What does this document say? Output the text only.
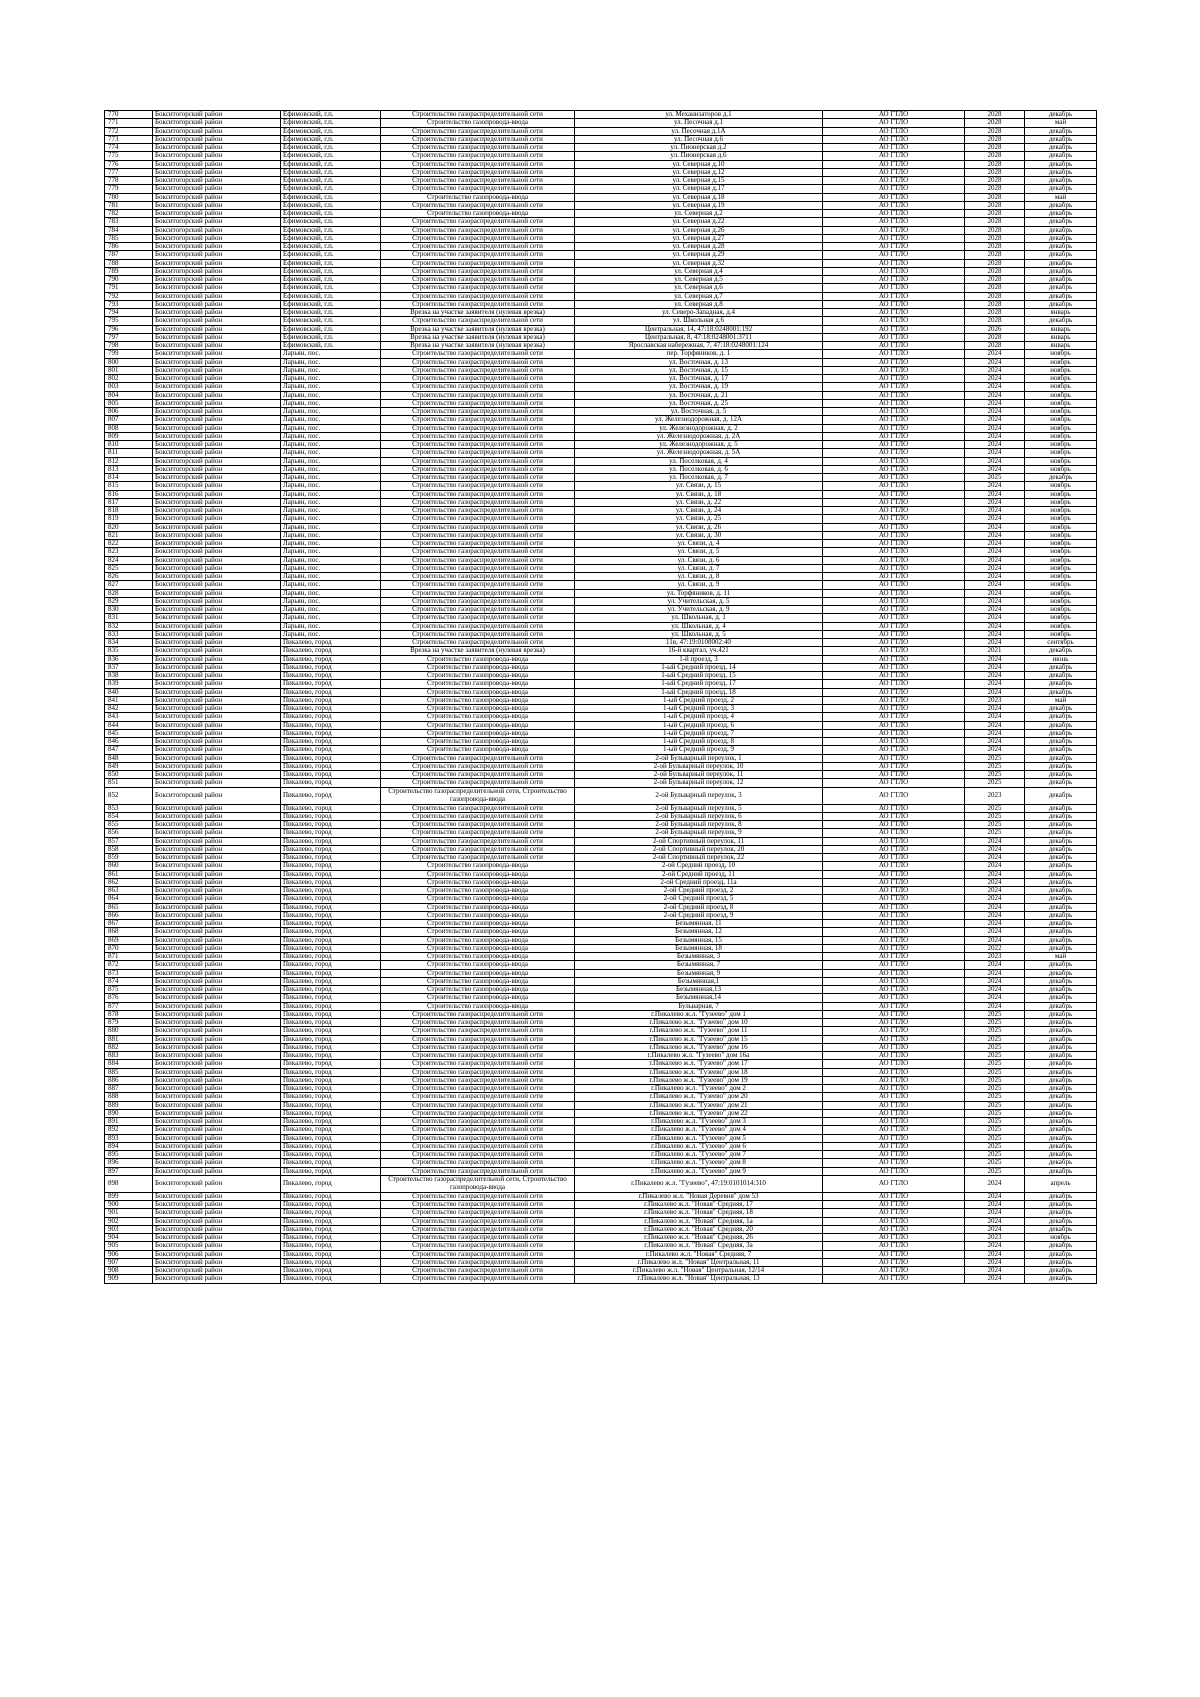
770	Бокситогорский район	Ефимовский, г.п.	Строительство газораспределительной сети	ул. Механизаторов д.1	АО ГТЛО	2028	декабрь
771	Бокситогорский район	Ефимовский, г.п.	Строительство газопровода-ввода	ул. Песочная д.1	АО ГТЛО	2028	май
772	Бокситогорский район	Ефимовский, г.п.	Строительство газораспределительной сети	ул. Песочная д.1А	АО ГТЛО	2028	декабрь
773	Бокситогорский район	Ефимовский, г.п.	Строительство газораспределительной сети	ул. Песочная д.6	АО ГТЛО	2028	декабрь
774	Бокситогорский район	Ефимовский, г.п.	Строительство газораспределительной сети	ул. Пионерская д.2	АО ГТЛО	2028	декабрь
775	Бокситогорский район	Ефимовский, г.п.	Строительство газораспределительной сети	ул. Пионерская д.6	АО ГТЛО	2028	декабрь
776	Бокситогорский район	Ефимовский, г.п.	Строительство газораспределительной сети	ул. Северная д.10	АО ГТЛО	2028	декабрь
777	Бокситогорский район	Ефимовский, г.п.	Строительство газораспределительной сети	ул. Северная д.12	АО ГТЛО	2028	декабрь
778	Бокситогорский район	Ефимовский, г.п.	Строительство газораспределительной сети	ул. Северная д.15	АО ГТЛО	2028	декабрь
779	Бокситогорский район	Ефимовский, г.п.	Строительство газораспределительной сети	ул. Северная д.17	АО ГТЛО	2028	декабрь
780	Бокситогорский район	Ефимовский, г.п.	Строительство газопровода-ввода	ул. Северная д.18	АО ГТЛО	2028	май
781	Бокситогорский район	Ефимовский, г.п.	Строительство газораспределительной сети	ул. Северная д.19	АО ГТЛО	2028	декабрь
782	Бокситогорский район	Ефимовский, г.п.	Строительство газопровода-ввода	ул. Северная д.2	АО ГТЛО	2028	декабрь
783	Бокситогорский район	Ефимовский, г.п.	Строительство газораспределительной сети	ул. Северная д.22	АО ГТЛО	2028	декабрь
784	Бокситогорский район	Ефимовский, г.п.	Строительство газораспределительной сети	ул. Северная д.26	АО ГТЛО	2028	декабрь
785	Бокситогорский район	Ефимовский, г.п.	Строительство газораспределительной сети	ул. Северная д.27	АО ГТЛО	2028	декабрь
786	Бокситогорский район	Ефимовский, г.п.	Строительство газораспределительной сети	ул. Северная д.28	АО ГТЛО	2028	декабрь
787	Бокситогорский район	Ефимовский, г.п.	Строительство газораспределительной сети	ул. Северная д.29	АО ГТЛО	2028	декабрь
788	Бокситогорский район	Ефимовский, г.п.	Строительство газораспределительной сети	ул. Северная д.32	АО ГТЛО	2028	декабрь
789	Бокситогорский район	Ефимовский, г.п.	Строительство газораспределительной сети	ул. Северная д.4	АО ГТЛО	2028	декабрь
790	Бокситогорский район	Ефимовский, г.п.	Строительство газораспределительной сети	ул. Северная д.5	АО ГТЛО	2028	декабрь
791	Бокситогорский район	Ефимовский, г.п.	Строительство газораспределительной сети	ул. Северная д.6	АО ГТЛО	2028	декабрь
792	Бокситогорский район	Ефимовский, г.п.	Строительство газораспределительной сети	ул. Северная д.7	АО ГТЛО	2028	декабрь
793	Бокситогорский район	Ефимовский, г.п.	Строительство газораспределительной сети	ул. Северная д.8	АО ГТЛО	2028	декабрь
794	Бокситогорский район	Ефимовский, г.п.	Врезка на участке заявителя (нулевая врезка)	ул. Северо-Западная, д.4	АО ГТЛО	2028	январь
795	Бокситогорский район	Ефимовский, г.п.	Строительство газораспределительной сети	ул. Школьная д.6	АО ГТЛО	2028	декабрь
796	Бокситогорский район	Ефимовский, г.п.	Врезка на участке заявителя (нулевая врезка)	Центральная, 14, 47:18:0248001:192	АО ГТЛО	2026	январь
797	Бокситогорский район	Ефимовский, г.п.	Врезка на участке заявителя (нулевая врезка)	Центральная, 8, 47:18:0248001:3711	АО ГТЛО	2028	январь
798	Бокситогорский район	Ефимовский, г.п.	Врезка на участке заявителя (нулевая врезка)	Ярославская набережная, 7, 47:18:0248001:124	АО ГТЛО	2028	январь
799	Бокситогорский район	Ларьян, пос.	Строительство газораспределительной сети	пер. Торфяников, д. 1	АО ГТЛО	2024	ноябрь
800	Бокситогорский район	Ларьян, пос.	Строительство газораспределительной сети	ул. Восточная, д. 13	АО ГТЛО	2024	ноябрь
801	Бокситогорский район	Ларьян, пос.	Строительство газораспределительной сети	ул. Восточная, д. 15	АО ГТЛО	2024	ноябрь
802	Бокситогорский район	Ларьян, пос.	Строительство газораспределительной сети	ул. Восточная, д. 17	АО ГТЛО	2024	ноябрь
803	Бокситогорский район	Ларьян, пос.	Строительство газораспределительной сети	ул. Восточная, д. 19	АО ГТЛО	2024	ноябрь
804	Бокситогорский район	Ларьян, пос.	Строительство газораспределительной сети	ул. Восточная, д. 21	АО ГТЛО	2024	ноябрь
805	Бокситогорский район	Ларьян, пос.	Строительство газораспределительной сети	ул. Восточная, д. 25	АО ГТЛО	2024	ноябрь
806	Бокситогорский район	Ларьян, пос.	Строительство газораспределительной сети	ул. Восточная, д. 5	АО ГТЛО	2024	ноябрь
807	Бокситогорский район	Ларьян, пос.	Строительство газораспределительной сети	ул. Железнодорожная, д. 12А	АО ГТЛО	2024	ноябрь
808	Бокситогорский район	Ларьян, пос.	Строительство газораспределительной сети	ул. Железнодорожная, д. 2	АО ГТЛО	2024	ноябрь
809	Бокситогорский район	Ларьян, пос.	Строительство газораспределительной сети	ул. Железнодорожная, д. 2А	АО ГТЛО	2024	ноябрь
810	Бокситогорский район	Ларьян, пос.	Строительство газораспределительной сети	ул. Железнодорожная, д. 5	АО ГТЛО	2024	ноябрь
811	Бокситогорский район	Ларьян, пос.	Строительство газораспределительной сети	ул. Железнодорожная, д. 5А	АО ГТЛО	2024	ноябрь
812	Бокситогорский район	Ларьян, пос.	Строительство газораспределительной сети	ул. Поселковая, д. 4	АО ГТЛО	2024	ноябрь
813	Бокситогорский район	Ларьян, пос.	Строительство газораспределительной сети	ул. Поселковая, д. 6	АО ГТЛО	2024	ноябрь
814	Бокситогорский район	Ларьян, пос.	Строительство газораспределительной сети	ул. Поселковая, д. 7	АО ГТЛО	2025	декабрь
815	Бокситогорский район	Ларьян, пос.	Строительство газораспределительной сети	ул. Связи, д. 15	АО ГТЛО	2024	ноябрь
816	Бокситогорский район	Ларьян, пос.	Строительство газораспределительной сети	ул. Связи, д. 18	АО ГТЛО	2024	ноябрь
817	Бокситогорский район	Ларьян, пос.	Строительство газораспределительной сети	ул. Связи, д. 22	АО ГТЛО	2024	ноябрь
818	Бокситогорский район	Ларьян, пос.	Строительство газораспределительной сети	ул. Связи, д. 24	АО ГТЛО	2024	ноябрь
819	Бокситогорский район	Ларьян, пос.	Строительство газораспределительной сети	ул. Связи, д. 25	АО ГТЛО	2024	ноябрь
820	Бокситогорский район	Ларьян, пос.	Строительство газораспределительной сети	ул. Связи, д. 26	АО ГТЛО	2024	ноябрь
821	Бокситогорский район	Ларьян, пос.	Строительство газораспределительной сети	ул. Связи, д. 30	АО ГТЛО	2024	ноябрь
822	Бокситогорский район	Ларьян, пос.	Строительство газораспределительной сети	ул. Связи, д. 4	АО ГТЛО	2024	ноябрь
823	Бокситогорский район	Ларьян, пос.	Строительство газораспределительной сети	ул. Связи, д. 5	АО ГТЛО	2024	ноябрь
824	Бокситогорский район	Ларьян, пос.	Строительство газораспределительной сети	ул. Связи, д. 6	АО ГТЛО	2024	ноябрь
825	Бокситогорский район	Ларьян, пос.	Строительство газораспределительной сети	ул. Связи, д. 7	АО ГТЛО	2024	ноябрь
826	Бокситогорский район	Ларьян, пос.	Строительство газораспределительной сети	ул. Связи, д. 8	АО ГТЛО	2024	ноябрь
827	Бокситогорский район	Ларьян, пос.	Строительство газораспределительной сети	ул. Связи, д. 9	АО ГТЛО	2024	ноябрь
828	Бокситогорский район	Ларьян, пос.	Строительство газораспределительной сети	ул. Торфяников, д. 11	АО ГТЛО	2024	ноябрь
829	Бокситогорский район	Ларьян, пос.	Строительство газораспределительной сети	ул. Учительская, д. 5	АО ГТЛО	2024	ноябрь
830	Бокситогорский район	Ларьян, пос.	Строительство газораспределительной сети	ул. Учительская, д. 9	АО ГТЛО	2024	ноябрь
831	Бокситогорский район	Ларьян, пос.	Строительство газораспределительной сети	ул. Школьная, д. 1	АО ГТЛО	2024	ноябрь
832	Бокситогорский район	Ларьян, пос.	Строительство газораспределительной сети	ул. Школьная, д. 4	АО ГТЛО	2024	ноябрь
833	Бокситогорский район	Ларьян, пос.	Строительство газораспределительной сети	ул. Школьная, д. 5	АО ГТЛО	2024	ноябрь
834	Бокситогорский район	Пикалево, город	Строительство газораспределительной сети	11в, 47:19:0108002:40	АО ГТЛО	2024	сентябрь
835	Бокситогорский район	Пикалево, город	Врезка на участке заявителя (нулевая врезка)	16-й квартал, уч.421	АО ГТЛО	2021	декабрь
836	Бокситогорский район	Пикалево, город	Строительство газопровода-ввода	1-й проезд, 3	АО ГТЛО	2024	июнь
837	Бокситогорский район	Пикалево, город	Строительство газопровода-ввода	1-ый Средний проезд, 14	АО ГТЛО	2024	декабрь
838	Бокситогорский район	Пикалево, город	Строительство газопровода-ввода	1-ый Средний проезд, 15	АО ГТЛО	2024	декабрь
839	Бокситогорский район	Пикалево, город	Строительство газопровода-ввода	1-ый Средний проезд, 17	АО ГТЛО	2024	декабрь
840	Бокситогорский район	Пикалево, город	Строительство газопровода-ввода	1-ый Средний проезд, 18	АО ГТЛО	2024	декабрь
841	Бокситогорский район	Пикалево, город	Строительство газопровода-ввода	1-ый Средний проезд, 2	АО ГТЛО	2023	май
842	Бокситогорский район	Пикалево, город	Строительство газопровода-ввода	1-ый Средний проезд, 3	АО ГТЛО	2024	декабрь
843	Бокситогорский район	Пикалево, город	Строительство газопровода-ввода	1-ый Средний проезд, 4	АО ГТЛО	2024	декабрь
844	Бокситогорский район	Пикалево, город	Строительство газопровода-ввода	1-ый Средний проезд, 6	АО ГТЛО	2024	декабрь
845	Бокситогорский район	Пикалево, город	Строительство газопровода-ввода	1-ый Средний проезд, 7	АО ГТЛО	2024	декабрь
846	Бокситогорский район	Пикалево, город	Строительство газопровода-ввода	1-ый Средний проезд, 8	АО ГТЛО	2024	декабрь
847	Бокситогорский район	Пикалево, город	Строительство газопровода-ввода	1-ый Средний проезд, 9	АО ГТЛО	2024	декабрь
848	Бокситогорский район	Пикалево, город	Строительство газораспределительной сети	2-ой Бульварный переулок, 1	АО ГТЛО	2025	декабрь
849	Бокситогорский район	Пикалево, город	Строительство газораспределительной сети	2-ой Бульварный переулок, 10	АО ГТЛО	2025	декабрь
850	Бокситогорский район	Пикалево, город	Строительство газораспределительной сети	2-ой Бульварный переулок, 11	АО ГТЛО	2025	декабрь
851	Бокситогорский район	Пикалево, город	Строительство газораспределительной сети	2-ой Бульварный переулок, 12	АО ГТЛО	2025	декабрь
852	Бокситогорский район	Пикалево, город	Строительство газораспределительной сети, Строительство газопровода-ввода	2-ой Бульварный переулок, 3	АО ГТЛО	2023	декабрь
853	Бокситогорский район	Пикалево, город	Строительство газораспределительной сети	2-ой Бульварный переулок, 5	АО ГТЛО	2025	декабрь
854	Бокситогорский район	Пикалево, город	Строительство газораспределительной сети	2-ой Бульварный переулок, 6	АО ГТЛО	2025	декабрь
855	Бокситогорский район	Пикалево, город	Строительство газораспределительной сети	2-ой Бульварный переулок, 8	АО ГТЛО	2025	декабрь
856	Бокситогорский район	Пикалево, город	Строительство газораспределительной сети	2-ой Бульварный переулок, 9	АО ГТЛО	2025	декабрь
857	Бокситогорский район	Пикалево, город	Строительство газораспределительной сети	2-ой Спортивный переулок, 11	АО ГТЛО	2024	декабрь
858	Бокситогорский район	Пикалево, город	Строительство газораспределительной сети	2-ой Спортивный переулок, 20	АО ГТЛО	2024	декабрь
859	Бокситогорский район	Пикалево, город	Строительство газораспределительной сети	2-ой Спортивный переулок, 22	АО ГТЛО	2024	декабрь
860	Бокситогорский район	Пикалево, город	Строительство газопровода-ввода	2-ой Средний проезд, 10	АО ГТЛО	2024	декабрь
861	Бокситогорский район	Пикалево, город	Строительство газопровода-ввода	2-ой Средний проезд, 11	АО ГТЛО	2024	декабрь
862	Бокситогорский район	Пикалево, город	Строительство газопровода-ввода	2-ой Средний проезд, 11а	АО ГТЛО	2024	декабрь
863	Бокситогорский район	Пикалево, город	Строительство газопровода-ввода	2-ой Средний проезд, 2	АО ГТЛО	2024	декабрь
864	Бокситогорский район	Пикалево, город	Строительство газопровода-ввода	2-ой Средний проезд, 5	АО ГТЛО	2024	декабрь
865	Бокситогорский район	Пикалево, город	Строительство газопровода-ввода	2-ой Средний проезд, 8	АО ГТЛО	2024	декабрь
866	Бокситогорский район	Пикалево, город	Строительство газопровода-ввода	2-ой Средний проезд, 9	АО ГТЛО	2024	декабрь
867	Бокситогорский район	Пикалево, город	Строительство газопровода-ввода	Безымянная, 11	АО ГТЛО	2024	декабрь
868	Бокситогорский район	Пикалево, город	Строительство газопровода-ввода	Безымянная, 12	АО ГТЛО	2024	декабрь
869	Бокситогорский район	Пикалево, город	Строительство газопровода-ввода	Безымянная, 15	АО ГТЛО	2024	декабрь
870	Бокситогорский район	Пикалево, город	Строительство газопровода-ввода	Безымянная, 18	АО ГТЛО	2022	декабрь
871	Бокситогорский район	Пикалево, город	Строительство газопровода-ввода	Безымянная, 3	АО ГТЛО	2023	май
872	Бокситогорский район	Пикалево, город	Строительство газопровода-ввода	Безымянная, 7	АО ГТЛО	2024	декабрь
873	Бокситогорский район	Пикалево, город	Строительство газопровода-ввода	Безымянная, 9	АО ГТЛО	2024	декабрь
874	Бокситогорский район	Пикалево, город	Строительство газопровода-ввода	Безымянная,1	АО ГТЛО	2024	декабрь
875	Бокситогорский район	Пикалево, город	Строительство газопровода-ввода	Безымянная,13	АО ГТЛО	2024	декабрь
876	Бокситогорский район	Пикалево, город	Строительство газопровода-ввода	Безымянная,14	АО ГТЛО	2024	декабрь
877	Бокситогорский район	Пикалево, город	Строительство газопровода-ввода	Бульварная, 7	АО ГТЛО	2024	декабрь
878	Бокситогорский район	Пикалево, город	Строительство газораспределительной сети	г.Пикалево ж.л. "Гузеево" дом 1	АО ГТЛО	2025	декабрь
879	Бокситогорский район	Пикалево, город	Строительство газораспределительной сети	г.Пикалево ж.л. "Гузеево" дом 10	АО ГТЛО	2025	декабрь
880	Бокситогорский район	Пикалево, город	Строительство газораспределительной сети	г.Пикалево ж.л. "Гузеево" дом 11	АО ГТЛО	2025	декабрь
881	Бокситогорский район	Пикалево, город	Строительство газораспределительной сети	г.Пикалево ж.л. "Гузеево" дом 15	АО ГТЛО	2025	декабрь
882	Бокситогорский район	Пикалево, город	Строительство газораспределительной сети	г.Пикалево ж.л. "Гузеево" дом 16	АО ГТЛО	2025	декабрь
883	Бокситогорский район	Пикалево, город	Строительство газораспределительной сети	г.Пикалево ж.л. "Гузеево" дом 16а	АО ГТЛО	2025	декабрь
884	Бокситогорский район	Пикалево, город	Строительство газораспределительной сети	г.Пикалево ж.л. "Гузеево" дом 17	АО ГТЛО	2025	декабрь
885	Бокситогорский район	Пикалево, город	Строительство газораспределительной сети	г.Пикалево ж.л. "Гузеево" дом 18	АО ГТЛО	2025	декабрь
886	Бокситогорский район	Пикалево, город	Строительство газораспределительной сети	г.Пикалево ж.л. "Гузеево" дом 19	АО ГТЛО	2025	декабрь
887	Бокситогорский район	Пикалево, город	Строительство газораспределительной сети	г.Пикалево ж.л. "Гузеево" дом 2	АО ГТЛО	2025	декабрь
888	Бокситогорский район	Пикалево, город	Строительство газораспределительной сети	г.Пикалево ж.л. "Гузеево" дом 20	АО ГТЛО	2025	декабрь
889	Бокситогорский район	Пикалево, город	Строительство газораспределительной сети	г.Пикалево ж.л. "Гузеево" дом 21	АО ГТЛО	2025	декабрь
890	Бокситогорский район	Пикалево, город	Строительство газораспределительной сети	г.Пикалево ж.л. "Гузеево" дом 22	АО ГТЛО	2025	декабрь
891	Бокситогорский район	Пикалево, город	Строительство газораспределительной сети	г.Пикалево ж.л. "Гузеево" дом 3	АО ГТЛО	2025	декабрь
892	Бокситогорский район	Пикалево, город	Строительство газораспределительной сети	г.Пикалево ж.л. "Гузеево" дом 4	АО ГТЛО	2025	декабрь
893	Бокситогорский район	Пикалево, город	Строительство газораспределительной сети	г.Пикалево ж.л. "Гузеево" дом 5	АО ГТЛО	2025	декабрь
894	Бокситогорский район	Пикалево, город	Строительство газораспределительной сети	г.Пикалево ж.л. "Гузеево" дом 6	АО ГТЛО	2025	декабрь
895	Бокситогорский район	Пикалево, город	Строительство газораспределительной сети	г.Пикалево ж.л. "Гузеево" дом 7	АО ГТЛО	2025	декабрь
896	Бокситогорский район	Пикалево, город	Строительство газораспределительной сети	г.Пикалево ж.л. "Гузеево" дом 8	АО ГТЛО	2025	декабрь
897	Бокситогорский район	Пикалево, город	Строительство газораспределительной сети	г.Пикалево ж.л. "Гузеево" дом 9	АО ГТЛО	2025	декабрь
898	Бокситогорский район	Пикалево, город	Строительство газораспределительной сети, Строительство газопровода-ввода	г.Пикалево ж.л. "Гузеево", 47:19:0101014:310	АО ГТЛО	2024	апрель
899	Бокситогорский район	Пикалево, город	Строительство газораспределительной сети	г.Пикалево ж.л. "Новая Деревня" дом 53	АО ГТЛО	2024	декабрь
900	Бокситогорский район	Пикалево, город	Строительство газораспределительной сети	г.Пикалево ж.л. "Новая" Средняя, 17	АО ГТЛО	2024	декабрь
901	Бокситогорский район	Пикалево, город	Строительство газораспределительной сети	г.Пикалево ж.л. "Новая" Средняя, 18	АО ГТЛО	2024	декабрь
902	Бокситогорский район	Пикалево, город	Строительство газораспределительной сети	г.Пикалево ж.л. "Новая" Средняя, 1а	АО ГТЛО	2024	декабрь
903	Бокситогорский район	Пикалево, город	Строительство газораспределительной сети	г.Пикалево ж.л. "Новая" Средняя, 20	АО ГТЛО	2024	декабрь
904	Бокситогорский район	Пикалево, город	Строительство газораспределительной сети	г.Пикалево ж.л. "Новая" Средняя, 26	АО ГТЛО	2023	ноябрь
905	Бокситогорский район	Пикалево, город	Строительство газораспределительной сети	г.Пикалево ж.л. "Новая" Средняя, 3а	АО ГТЛО	2024	декабрь
906	Бокситогорский район	Пикалево, город	Строительство газораспределительной сети	г.Пикалево ж.л. "Новая" Средняя, 7	АО ГТЛО	2024	декабрь
907	Бокситогорский район	Пикалево, город	Строительство газораспределительной сети	г.Пикалево ж.л. "Новая" Центральная, 11	АО ГТЛО	2024	декабрь
908	Бокситогорский район	Пикалево, город	Строительство газораспределительной сети	г.Пикалево ж.л. "Новая" Центральная, 12/14	АО ГТЛО	2024	декабрь
909	Бокситогорский район	Пикалево, город	Строительство газораспределительной сети	г.Пикалево ж.л. "Новая" Центральная, 13	АО ГТЛО	2024	декабрь
